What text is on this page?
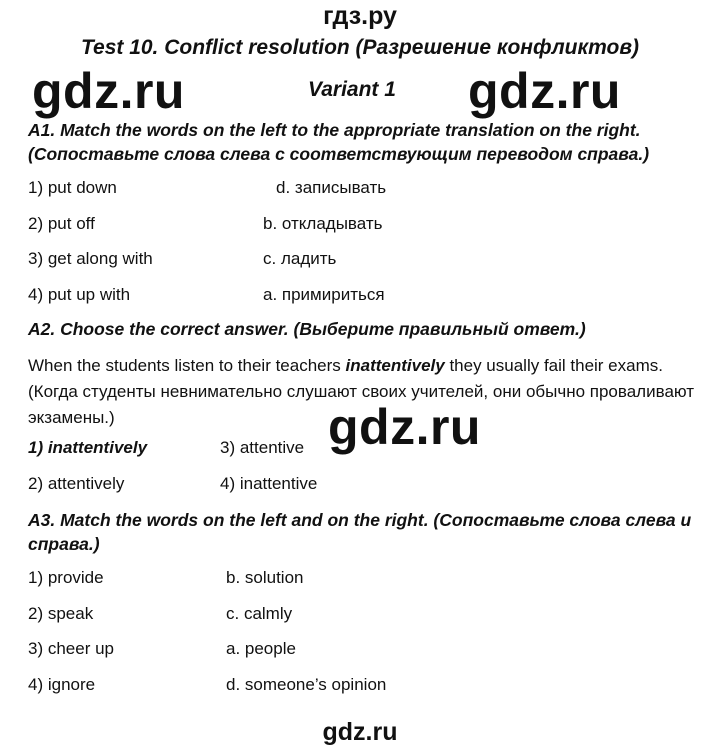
гдз.ру
gdz.ru	gdz.ru
Test 10. Conflict resolution (Разрешение конфликтов)
Variant 1
A1. Match the words on the left to the appropriate translation on the right.
(Сопоставьте слова слева с соответствующим переводом справа.)
1) put down	d. записывать
2) put off	b. откладывать
3) get along with	c. ладить
4) put up with	a. примириться
A2. Choose the correct answer. (Выберите правильный ответ.)
When the students listen to their teachers inattentively they usually fail their exams. (Когда студенты невнимательно слушают своих учителей, они обычно проваливают экзамены.)	gdz.ru
1) inattentively	3) attentive
2) attentively	4) inattentive
A3. Match the words on the left and on the right. (Сопоставьте слова слева и
справа.)
1) provide	b. solution
2) speak	c. calmly
3) cheer up	a. people
4) ignore	d. someone’s opinion
gdz.ru
